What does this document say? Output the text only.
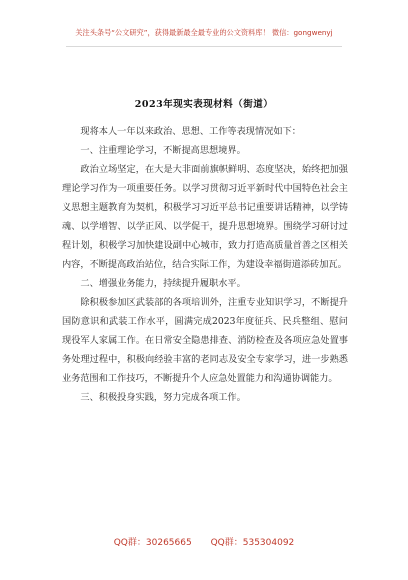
关注头条号“公文研究”，获得最新最全最专业的公文资料库！ 微信：gongwenyj
2023年现实表现材料（街道）

现将本人一年以来政治、思想、工作等表现情况如下：

一、注重理论学习，不断提高思想境界。

政治立场坚定，在大是大非面前旗帜鲜明、态度坚决，始终把加强理论学习作为一项重要任务。以学习贯彻习近平新时代中国特色社会主义思想主题教育为契机，积极学习习近平总书记重要讲话精神，以学铸魂、以学增智、以学正风、以学促干，提升思想境界。围绕学习研讨过程计划，积极学习加快建设副中心城市，致力打造高质量首善之区相关内容，不断提高政治站位，结合实际工作，为建设幸福街道添砖加瓦。

二、增强业务能力，持续提升履职水平。

除积极参加区武装部的各项培训外，注重专业知识学习，不断提升国防意识和武装工作水平，圆满完成2023年度征兵、民兵整组、慰问现役军人家属工作。在日常安全隐患排查、消防检查及各项应急处置事务处理过程中，积极向经验丰富的老同志及安全专家学习，进一步熟悉业务范围和工作技巧，不断提升个人应急处置能力和沟通协调能力。

三、积极投身实践，努力完成各项工作。

QQ群：30265665 QQ群：535304092
